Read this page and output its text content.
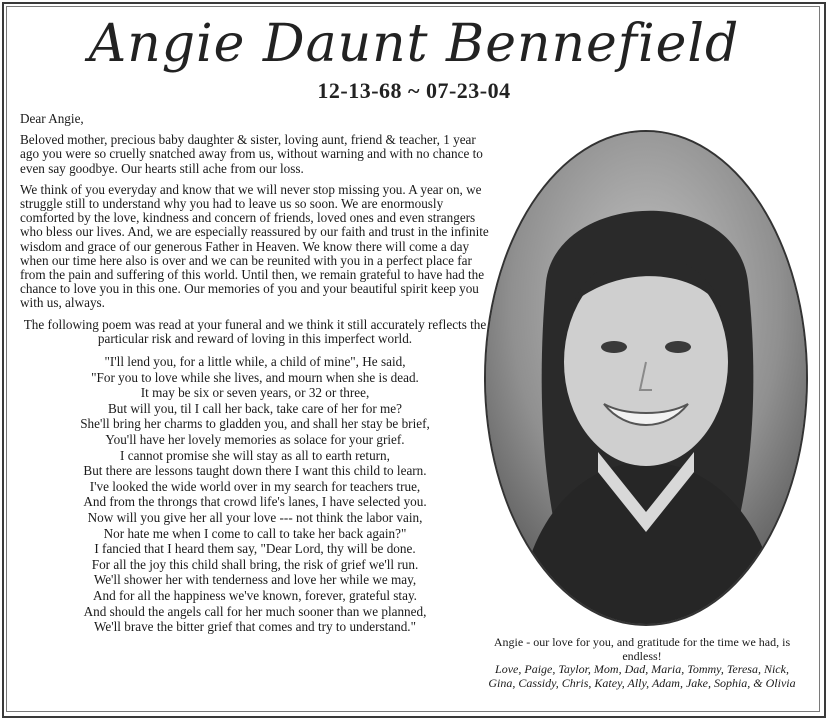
Angie Daunt Bennefield
12-13-68 ~ 07-23-04

Dear Angie,

Beloved mother, precious baby daughter & sister, loving aunt, friend & teacher, 1 year ago you were so cruelly snatched away from us, without warning and with no chance to even say goodbye. Our hearts still ache from our loss.

We think of you everyday and know that we will never stop missing you. A year on, we struggle still to understand why you had to leave us so soon. We are enormously comforted by the love, kindness and concern of friends, loved ones and even strangers who bless our lives. And, we are especially reassured by our faith and trust in the infinite wisdom and grace of our generous Father in Heaven. We know there will come a day when our time here also is over and we can be reunited with you in a perfect place far from the pain and suffering of this world. Until then, we remain grateful to have had the chance to love you in this one. Our memories of you and your beautiful spirit keep you with us, always.

The following poem was read at your funeral and we think it still accurately reflects the particular risk and reward of loving in this imperfect world.

"I'll lend you, for a little while, a child of mine", He said,
"For you to love while she lives, and mourn when she is dead.
It may be six or seven years, or 32 or three,
But will you, til I call her back, take care of her for me?
She'll bring her charms to gladden you, and shall her stay be brief,
You'll have her lovely memories as solace for your grief.
I cannot promise she will stay as all to earth return,
But there are lessons taught down there I want this child to learn.
I've looked the wide world over in my search for teachers true,
And from the throngs that crowd life's lanes, I have selected you.
Now will you give her all your love --- not think the labor vain,
Nor hate me when I come to call to take her back again?"
I fancied that I heard them say, "Dear Lord, thy will be done.
For all the joy this child shall bring, the risk of grief we'll run.
We'll shower her with tenderness and love her while we may,
And for all the happiness we've known, forever, grateful stay.
And should the angels call for her much sooner than we planned,
We'll brave the bitter grief that comes and try to understand."
Angie - our love for you, and gratitude for the time we had, is endless!
Love, Paige, Taylor, Mom, Dad, Maria, Tommy, Teresa, Nick, Gina, Cassidy, Chris, Katey, Ally, Adam, Jake, Sophia, & Olivia
